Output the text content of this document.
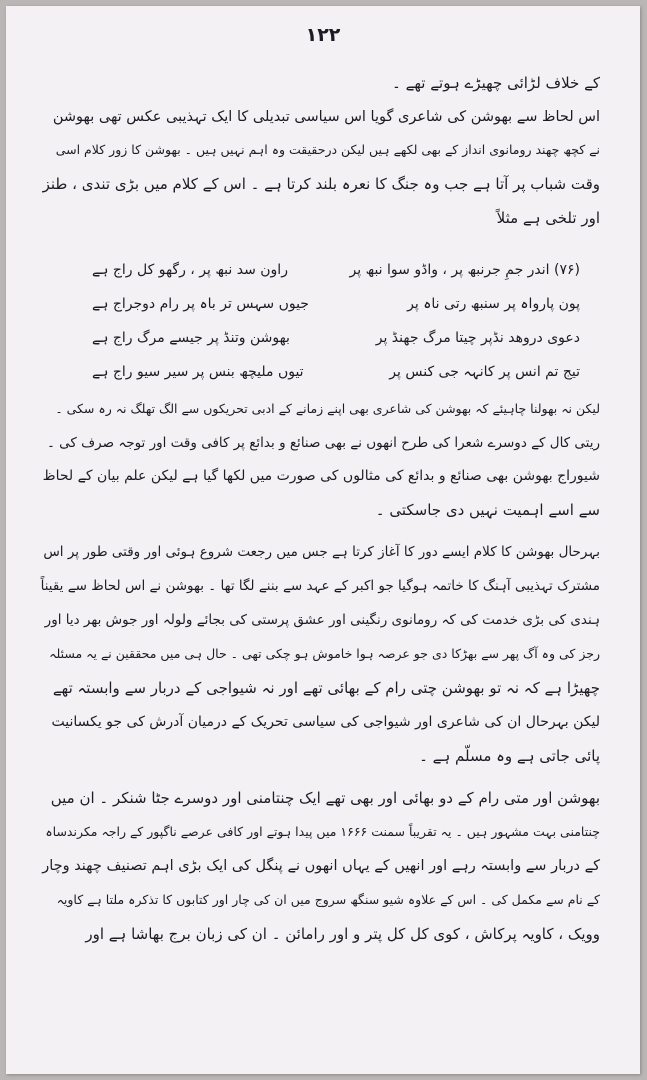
۱۲۲
کے خلاف لڑائی چھیڑے ہوتے تھے ۔
اس لحاظ سے بھوشن کی شاعری گویا اس سیاسی تبدیلی کا ایک تہذیبی عکس تھی بھوشن
نے کچھ چھند رومانوی انداز کے بھی لکھے ہیں لیکن درحقیقت وہ اہم نہیں ہیں ۔ بھوشن کا زور کلام اسی
وقت شباب پر آتا ہے جب وہ جنگ کا نعرہ بلند کرتا ہے ۔ اس کے کلام میں بڑی تندی ، طنز
اور تلخی ہے مثلاً
(۷۶) اندر جمِ جرنبھ پر ، واڈو سوا نبھ پر
راون سد نبھ پر ، رگھو کل راج ہے
پون پارواہ پر سنبھ رتی ناہ پر
جیوں سہس تر باہ پر رام دوجراج ہے
دعوی دروھد نڈپر چیتا مرگ جھنڈ پر
بھوشن وتنڈ پر جیسے مرگ راج ہے
تیج تم انس پر کانہہ جی کنس پر
تیوں ملیچھ بنس پر سیر سیو راج ہے
لیکن نہ بھولنا چاہیئے کہ بھوشن کی شاعری بھی اپنے زمانے کے ادبی تحریکوں سے الگ تھلگ نہ رہ سکی ۔
ریتی کال کے دوسرے شعرا کی طرح انھوں نے بھی صنائع و بدائع پر کافی وقت اور توجہ صرف کی ۔
شیوراج بھوشن بھی صنائع و بدائع کی مثالوں کی صورت میں لکھا گیا ہے لیکن علم بیان کے لحاظ
سے اسے اہمیت نہیں دی جاسکتی ۔
بہرحال بھوشن کا کلام ایسے دور کا آغاز کرتا ہے جس میں رجعت شروع ہوئی اور وقتی طور پر اس
مشترک تہذیبی آہنگ کا خاتمہ ہوگیا جو اکبر کے عہد سے بننے لگا تھا ۔ بھوشن نے اس لحاظ سے یقیناً
ہندی کی بڑی خدمت کی کہ رومانوی رنگینی اور عشق پرستی کی بجائے ولولہ اور جوش بھر دیا اور
رجز کی وہ آگ پھر سے بھڑکا دی جو عرصہ ہوا خاموش ہو چکی تھی ۔ حال ہی میں محققین نے یہ مسئلہ
چھیڑا ہے کہ نہ تو بھوشن چتی رام کے بھائی تھے اور نہ شیواجی کے دربار سے وابستہ تھے
لیکن بہرحال ان کی شاعری اور شیواجی کی سیاسی تحریک کے درمیان آدرش کی جو یکسانیت
پائی جاتی ہے وہ مسلّم ہے ۔
بھوشن اور متی رام کے دو بھائی اور بھی تھے ایک چنتامنی اور دوسرے جٹا شنکر ۔ ان میں
چنتامنی بہت مشہور ہیں ۔ یہ تقریباً سمنت ۱۶۶۶ میں پیدا ہوتے اور کافی عرصے ناگپور کے راجہ مکرندساہ
کے دربار سے وابستہ رہے اور انھیں کے یہاں انھوں نے پنگل کی ایک بڑی اہم تصنیف چھند وچار
کے نام سے مکمل کی ۔ اس کے علاوہ شیو سنگھ سروج میں ان کی چار اور کتابوں کا تذکرہ ملتا ہے کاویہ
وویک ، کاویہ پرکاش ، کوی کل کل پتر و اور رامائن ۔ ان کی زبان برج بھاشا ہے اور
